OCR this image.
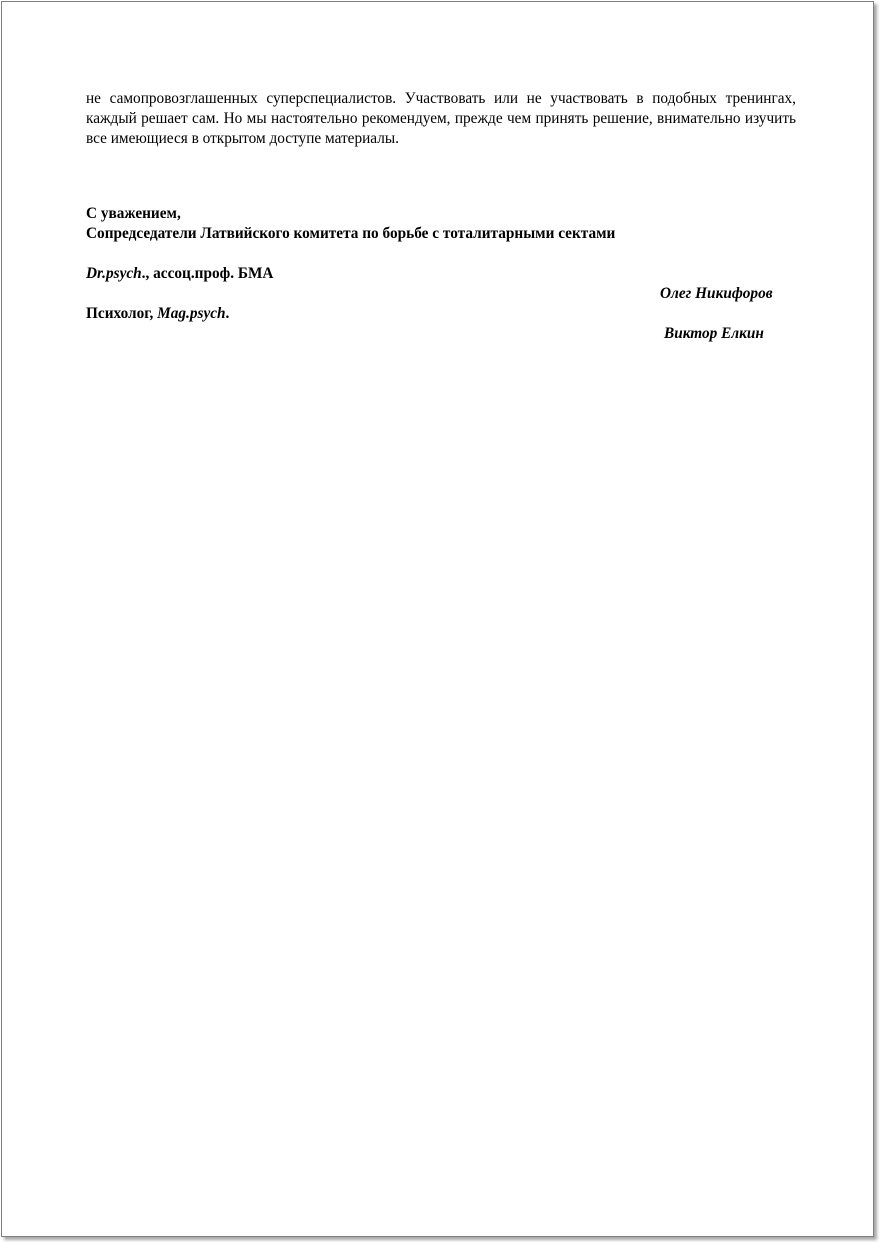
не самопровозглашенных суперспециалистов. Участвовать или не участвовать в подобных тренингах, каждый решает сам. Но мы настоятельно рекомендуем, прежде чем принять решение, внимательно изучить все имеющиеся в открытом доступе материалы.

С уважением,

Сопредседатели Латвийского комитета по борьбе с тоталитарными сектами

Dr.psych., ассоц.проф. БМА

Олег Никифоров

Психолог, Mag.psych.

Виктор Елкин
